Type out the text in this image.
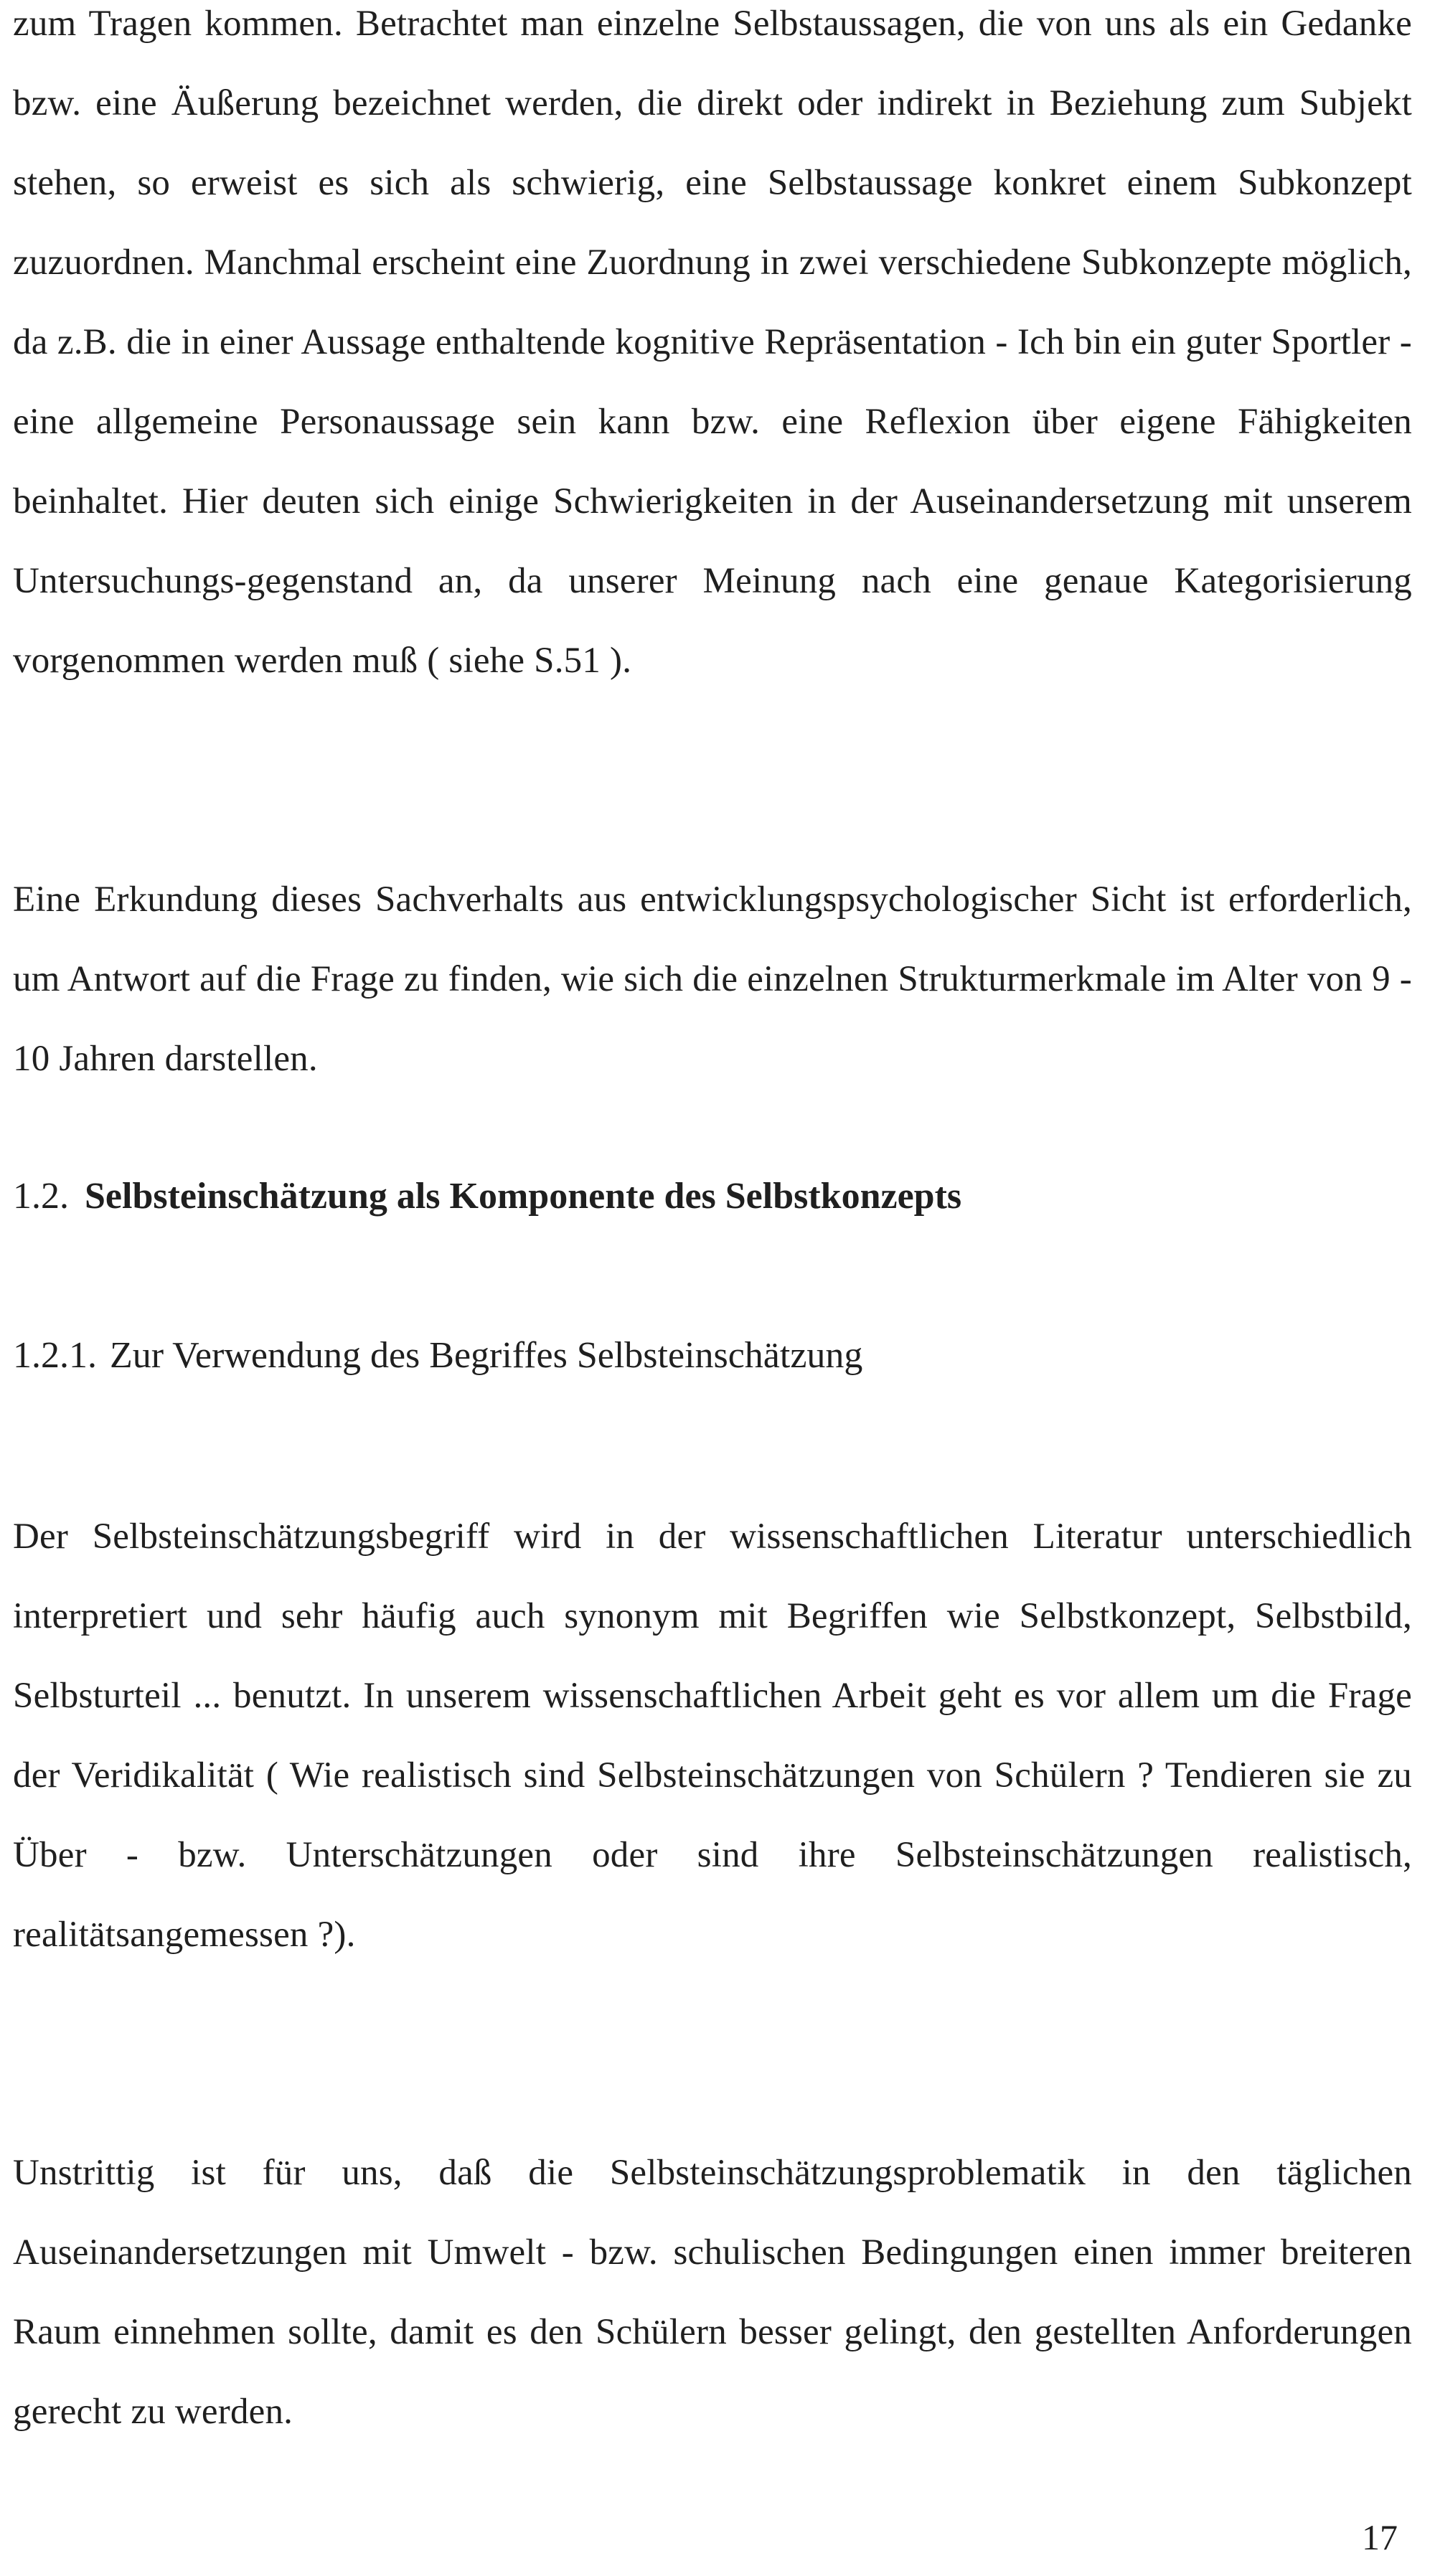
zum Tragen kommen. Betrachtet man einzelne Selbstaussagen, die von uns als ein Gedanke bzw. eine Äußerung bezeichnet werden, die direkt oder indirekt in Beziehung zum Subjekt stehen, so erweist es sich als schwierig, eine Selbstaussage konkret einem Subkonzept zuzuordnen. Manchmal erscheint eine Zuordnung in zwei verschiedene Subkonzepte möglich, da z.B. die in einer Aussage enthaltende kognitive Repräsentation - Ich bin ein guter Sportler - eine allgemeine Personaussage sein kann bzw. eine Reflexion über eigene Fähigkeiten beinhaltet. Hier deuten sich einige Schwierigkeiten in der Auseinandersetzung mit unserem Untersuchungs-gegenstand an, da unserer Meinung nach eine genaue Kategorisierung vorgenommen werden muß ( siehe S.51 ).

Eine Erkundung dieses Sachverhalts aus entwicklungspsychologischer Sicht ist erforderlich, um Antwort auf die Frage zu finden, wie sich die einzelnen Strukturmerkmale im Alter von 9 - 10 Jahren darstellen.

1.2. Selbsteinschätzung als Komponente des Selbstkonzepts
1.2.1. Zur Verwendung des Begriffes Selbsteinschätzung

Der Selbsteinschätzungsbegriff wird in der wissenschaftlichen Literatur unterschiedlich interpretiert und sehr häufig auch synonym mit Begriffen wie Selbstkonzept, Selbstbild, Selbsturteil ... benutzt. In unserem wissenschaftlichen Arbeit geht es vor allem um die Frage der Veridikalität ( Wie realistisch sind Selbsteinschätzungen von Schülern ? Tendieren sie zu Über - bzw. Unterschätzungen oder sind ihre Selbsteinschätzungen realistisch, realitätsangemessen ?).

Unstrittig ist für uns, daß die Selbsteinschätzungsproblematik in den täglichen Auseinandersetzungen mit Umwelt - bzw. schulischen Bedingungen einen immer breiteren Raum einnehmen sollte, damit es den Schülern besser gelingt, den gestellten Anforderungen gerecht zu werden.

17
